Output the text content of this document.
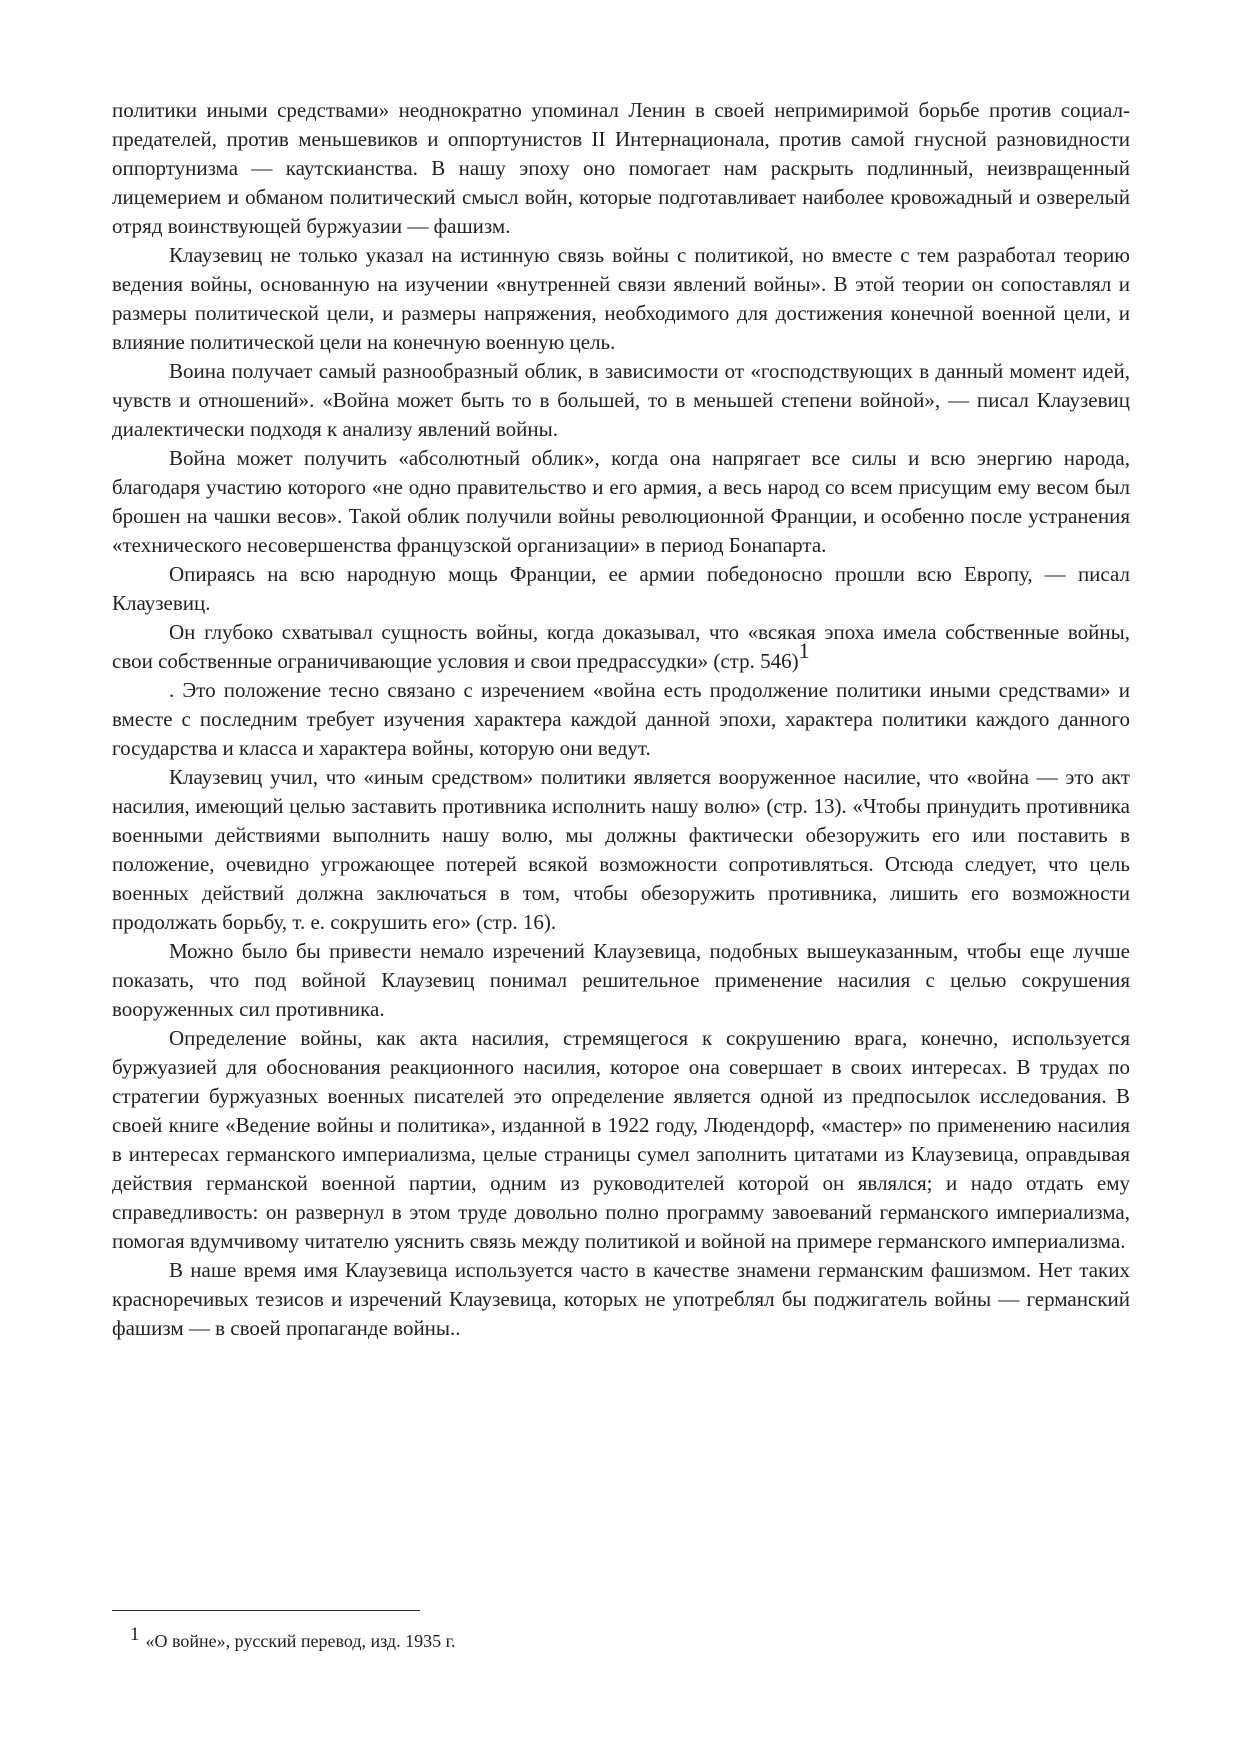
политики иными средствами» неоднократно упоминал Ленин в своей непримиримой борьбе против социал-предателей, против меньшевиков и оппортунистов II Интернационала, против самой гнусной разновидности оппортунизма — каутскианства. В нашу эпоху оно помогает нам раскрыть подлинный, неизвращенный лицемерием и обманом политический смысл войн, которые подготавливает наиболее кровожадный и озверелый отряд воинствующей буржуазии — фашизм.

Клаузевиц не только указал на истинную связь войны с политикой, но вместе с тем разработал теорию ведения войны, основанную на изучении «внутренней связи явлений войны». В этой теории он сопоставлял и размеры политической цели, и размеры напряжения, необходимого для достижения конечной военной цели, и влияние политической цели на конечную военную цель.

Воина получает самый разнообразный облик, в зависимости от «господствующих в данный момент идей, чувств и отношений». «Война может быть то в большей, то в меньшей степени войной», — писал Клаузевиц диалектически подходя к анализу явлений войны.

Война может получить «абсолютный облик», когда она напрягает все силы и всю энергию народа, благодаря участию которого «не одно правительство и его армия, а весь народ со всем присущим ему весом был брошен на чашки весов». Такой облик получили войны революционной Франции, и особенно после устранения «технического несовершенства французской организации» в период Бонапарта.

Опираясь на всю народную мощь Франции, ее армии победоносно прошли всю Европу, — писал Клаузевиц.

Он глубоко схватывал сущность войны, когда доказывал, что «всякая эпоха имела собственные войны, свои собственные ограничивающие условия и свои предрассудки» (стр. 546)1

. Это положение тесно связано с изречением «война есть продолжение политики иными средствами» и вместе с последним требует изучения характера каждой данной эпохи, характера политики каждого данного государства и класса и характера войны, которую они ведут.

Клаузевиц учил, что «иным средством» политики является вооруженное насилие, что «война — это акт насилия, имеющий целью заставить противника исполнить нашу волю» (стр. 13). «Чтобы принудить противника военными действиями выполнить нашу волю, мы должны фактически обезоружить его или поставить в положение, очевидно угрожающее потерей всякой возможности сопротивляться. Отсюда следует, что цель военных действий должна заключаться в том, чтобы обезоружить противника, лишить его возможности продолжать борьбу, т. е. сокрушить его» (стр. 16).

Можно было бы привести немало изречений Клаузевица, подобных вышеуказанным, чтобы еще лучше показать, что под войной Клаузевиц понимал решительное применение насилия с целью сокрушения вооруженных сил противника.

Определение войны, как акта насилия, стремящегося к сокрушению врага, конечно, используется буржуазией для обоснования реакционного насилия, которое она совершает в своих интересах. В трудах по стратегии буржуазных военных писателей это определение является одной из предпосылок исследования. В своей книге «Ведение войны и политика», изданной в 1922 году, Людендорф, «мастер» по применению насилия в интересах германского империализма, целые страницы сумел заполнить цитатами из Клаузевица, оправдывая действия германской военной партии, одним из руководителей которой он являлся; и надо отдать ему справедливость: он развернул в этом труде довольно полно программу завоеваний германского империализма, помогая вдумчивому читателю уяснить связь между политикой и войной на примере германского империализма.

В наше время имя Клаузевица используется часто в качестве знамени германским фашизмом. Нет таких красноречивых тезисов и изречений Клаузевица, которых не употреблял бы поджигатель войны — германский фашизм — в своей пропаганде войны..

1 «О войне», русский перевод, изд. 1935 г.
